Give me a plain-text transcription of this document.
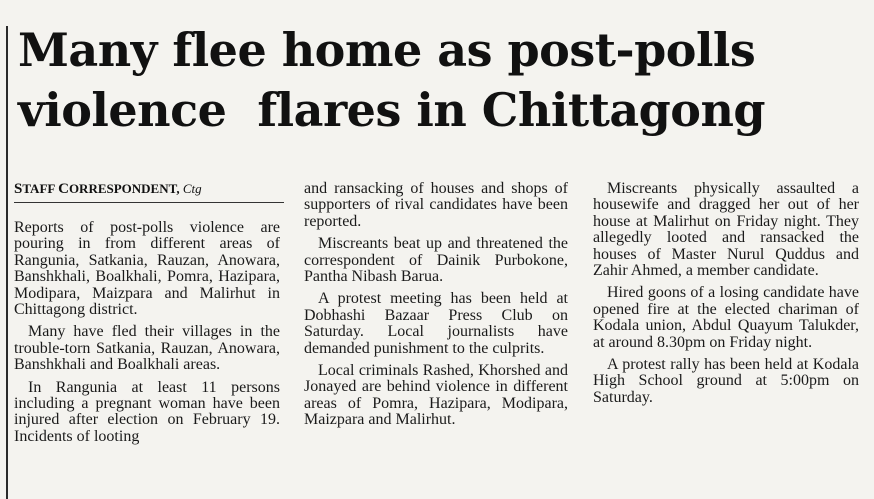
Many flee home as post-polls
violence  flares in Chittagong
STAFF CORRESPONDENT, Ctg

Reports of post-polls violence are pouring in from different areas of Rangunia, Satkania, Rauzan, Anowara, Banshkhali, Boalkhali, Pomra, Hazipara, Modipara, Maizpara and Malirhut in Chittagong district.

Many have fled their villages in the trouble-torn Satkania, Rauzan, Anowara, Banshkhali and Boalkhali areas.

In Rangunia at least 11 persons including a pregnant woman have been injured after election on February 19. Incidents of looting

and ransacking of houses and shops of supporters of rival candidates have been reported.

Miscreants beat up and threatened the correspondent of Dainik Purbokone, Pantha Nibash Barua.

A protest meeting has been held at Dobhashi Bazaar Press Club on Saturday. Local journalists have demanded punishment to the culprits.

Local criminals Rashed, Khorshed and Jonayed are behind violence in different areas of Pomra, Hazipara, Modipara, Maizpara and Malirhut.

Miscreants physically assaulted a housewife and dragged her out of her house at Malirhut on Friday night. They allegedly looted and ransacked the houses of Master Nurul Quddus and Zahir Ahmed, a member candidate.

Hired goons of a losing candidate have opened fire at the elected chariman of Kodala union, Abdul Quayum Talukder, at around 8.30pm on Friday night.

A protest rally has been held at Kodala High School ground at 5:00pm on Saturday.
